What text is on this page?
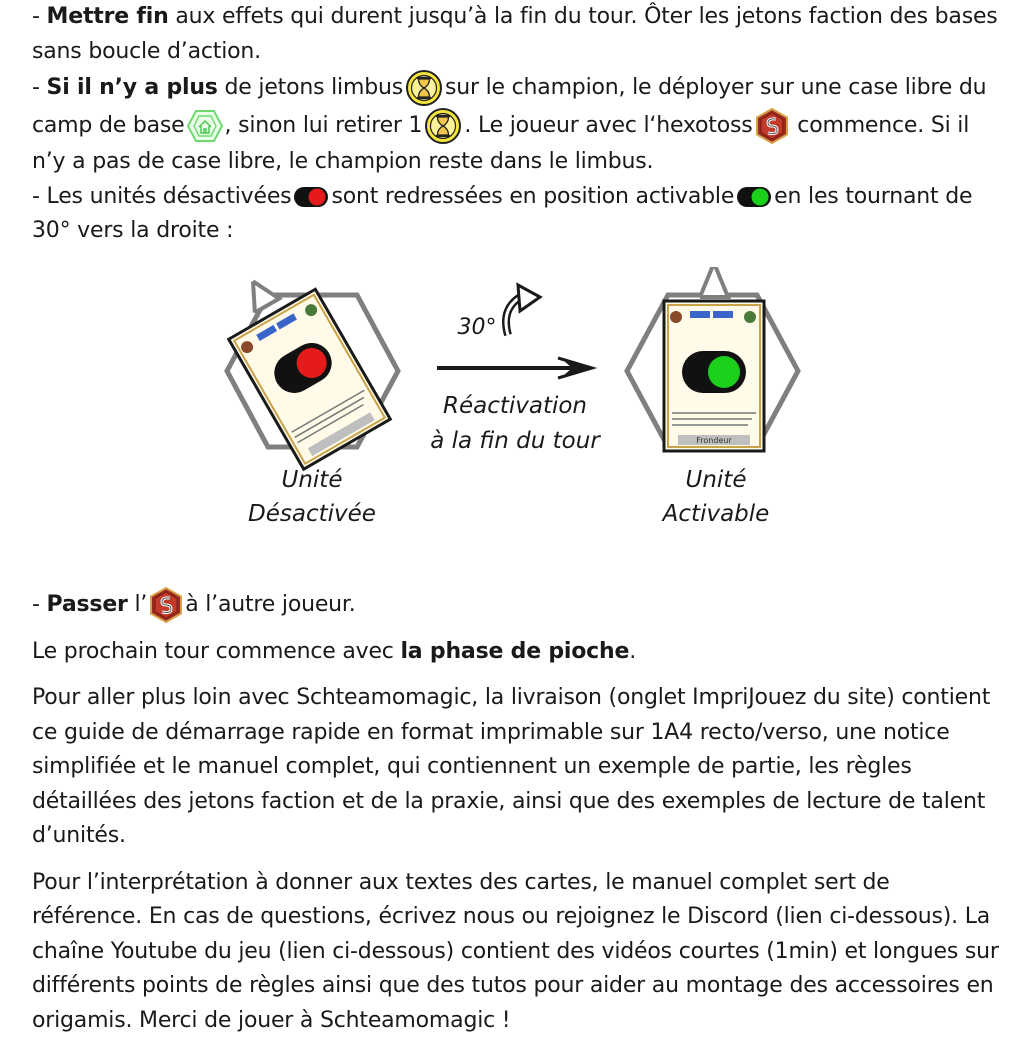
- Mettre fin aux effets qui durent jusqu’à la fin du tour. Ôter les jetons faction des bases sans boucle d’action.

- Si il n’y a plus de jetons limbus sur le champion, le déployer sur une case libre du camp de base , sinon lui retirer 1 . Le joueur avec l‘hexotoss
commence. Si il n’y a pas de case libre, le champion reste dans le limbus.

- Les unités désactivées sont redressées en position activable en les tournant de 30° vers la droite :

Frondeur
30°
Réactivation
à la fin du tour
Unité
Désactivée
Unité
Activable

- Passer l’ à l’autre joueur.

Le prochain tour commence avec la phase de pioche.

Pour aller plus loin avec Schteamomagic, la livraison (onglet ImpriJouez du site) contient ce guide de démarrage rapide en format imprimable sur 1A4 recto/verso, une notice simplifiée et le manuel complet, qui contiennent un exemple de partie, les règles détaillées des jetons faction et de la praxie, ainsi que des exemples de lecture de talent d’unités.

Pour l’interprétation à donner aux textes des cartes, le manuel complet sert de référence. En cas de questions, écrivez nous ou rejoignez le Discord (lien ci-dessous). La chaîne Youtube du jeu (lien ci-dessous) contient des vidéos courtes (1min) et longues sur différents points de règles ainsi que des tutos pour aider au montage des accessoires en origamis. Merci de jouer à Schteamomagic !
